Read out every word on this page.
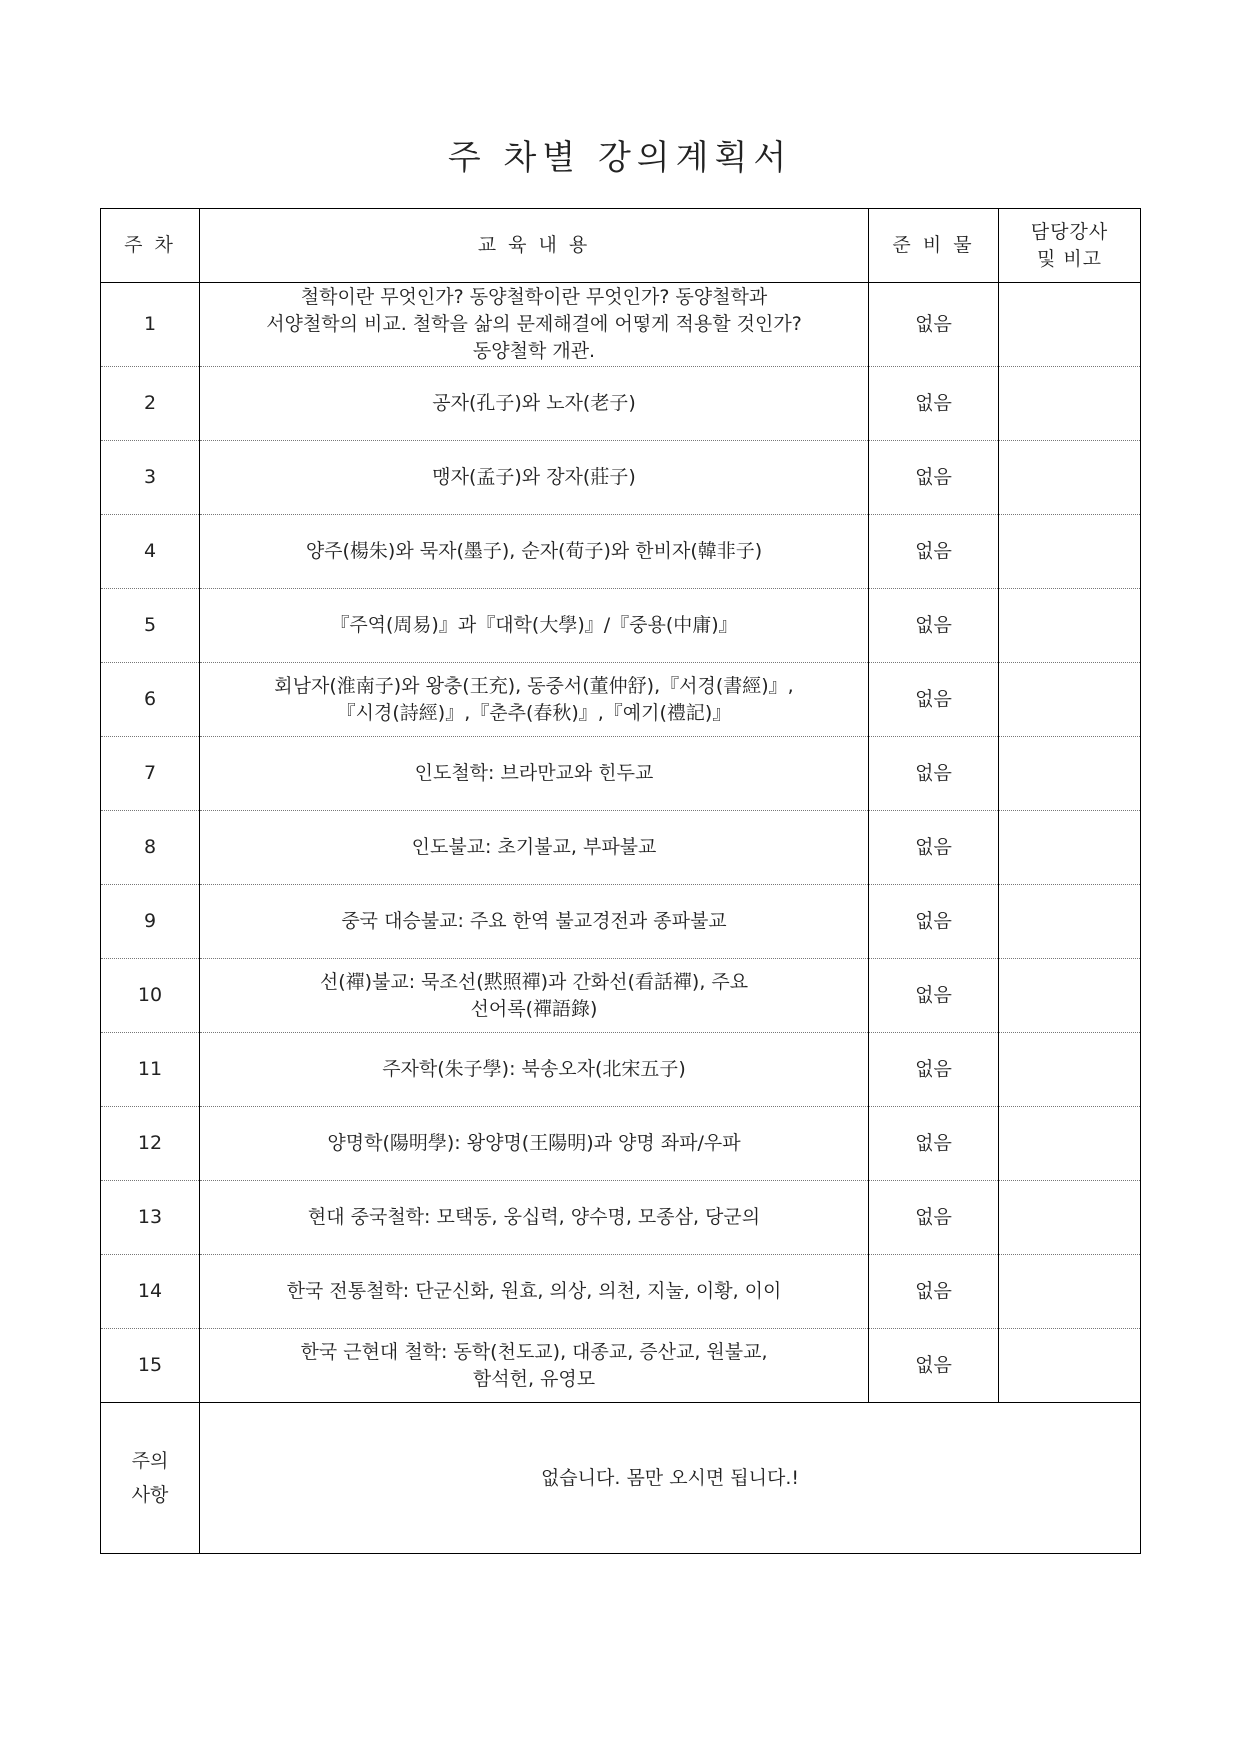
주 차별 강의계획서
주 차	교 육 내 용	준 비 물	담당강사
및 비고
1	철학이란 무엇인가? 동양철학이란 무엇인가? 동양철학과
서양철학의 비교. 철학을 삶의 문제해결에 어떻게 적용할 것인가?
동양철학 개관.	없음	
2	공자(孔子)와 노자(老子)	없음	
3	맹자(孟子)와 장자(莊子)	없음	
4	양주(楊朱)와 묵자(墨子), 순자(荀子)와 한비자(韓非子)	없음	
5	『주역(周易)』과『대학(大學)』/『중용(中庸)』	없음	
6	회남자(淮南子)와 왕충(王充), 동중서(董仲舒),『서경(書經)』,
『시경(詩經)』,『춘추(春秋)』,『예기(禮記)』	없음	
7	인도철학: 브라만교와 힌두교	없음	
8	인도불교: 초기불교, 부파불교	없음	
9	중국 대승불교: 주요 한역 불교경전과 종파불교	없음	
10	선(禪)불교: 묵조선(黙照禪)과 간화선(看話禪), 주요
선어록(禪語錄)	없음	
11	주자학(朱子學): 북송오자(北宋五子)	없음	
12	양명학(陽明學): 왕양명(王陽明)과 양명 좌파/우파	없음	
13	현대 중국철학: 모택동, 웅십력, 양수명, 모종삼, 당군의	없음	
14	한국 전통철학: 단군신화, 원효, 의상, 의천, 지눌, 이황, 이이	없음	
15	한국 근현대 철학: 동학(천도교), 대종교, 증산교, 원불교,
함석헌, 유영모	없음	
주의
사항	없습니다. 몸만 오시면 됩니다.!		
